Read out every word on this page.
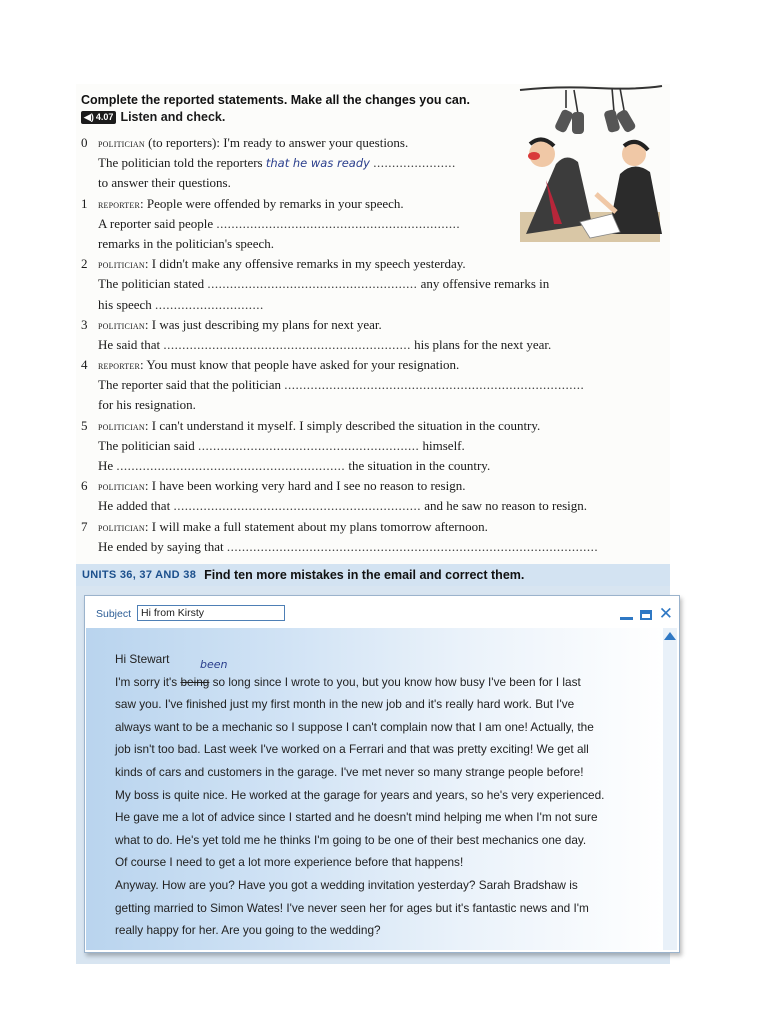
Complete the reported statements. Make all the changes you can.
◀︎) 4.07 Listen and check.
0 politician (to reporters): I'm ready to answer your questions.
The politician told the reporters that he was ready ......................
to answer their questions.
1 reporter: People were offended by remarks in your speech.
A reporter said people .................................................................
remarks in the politician's speech.
2 politician: I didn't make any offensive remarks in my speech yesterday.
The politician stated ........................................................ any offensive remarks in
his speech .............................
3 politician: I was just describing my plans for next year.
He said that .................................................................. his plans for the next year.
4 reporter: You must know that people have asked for your resignation.
The reporter said that the politician ................................................................................
for his resignation.
5 politician: I can't understand it myself. I simply described the situation in the country.
The politician said ........................................................... himself.
He ............................................................. the situation in the country.
6 politician: I have been working very hard and I see no reason to resign.
He added that .................................................................. and he saw no reason to resign.
7 politician: I will make a full statement about my plans tomorrow afternoon.
He ended by saying that ...................................................................................................
UNITS 36, 37 AND 38 Find ten more mistakes in the email and correct them.
Subject Hi from Kirsty	✕
Hi Stewart
I'm sorry it's being so long since I wrote to you, but you know how busy I've been for I last
saw you. I've finished just my first month in the new job and it's really hard work. But I've
always want to be a mechanic so I suppose I can't complain now that I am one! Actually, the
job isn't too bad. Last week I've worked on a Ferrari and that was pretty exciting! We get all
kinds of cars and customers in the garage. I've met never so many strange people before!
My boss is quite nice. He worked at the garage for years and years, so he's very experienced.
He gave me a lot of advice since I started and he doesn't mind helping me when I'm not sure
what to do. He's yet told me he thinks I'm going to be one of their best mechanics one day.
Of course I need to get a lot more experience before that happens!
Anyway. How are you? Have you got a wedding invitation yesterday? Sarah Bradshaw is
getting married to Simon Wates! I've never seen her for ages but it's fantastic news and I'm
really happy for her. Are you going to the wedding?
been
